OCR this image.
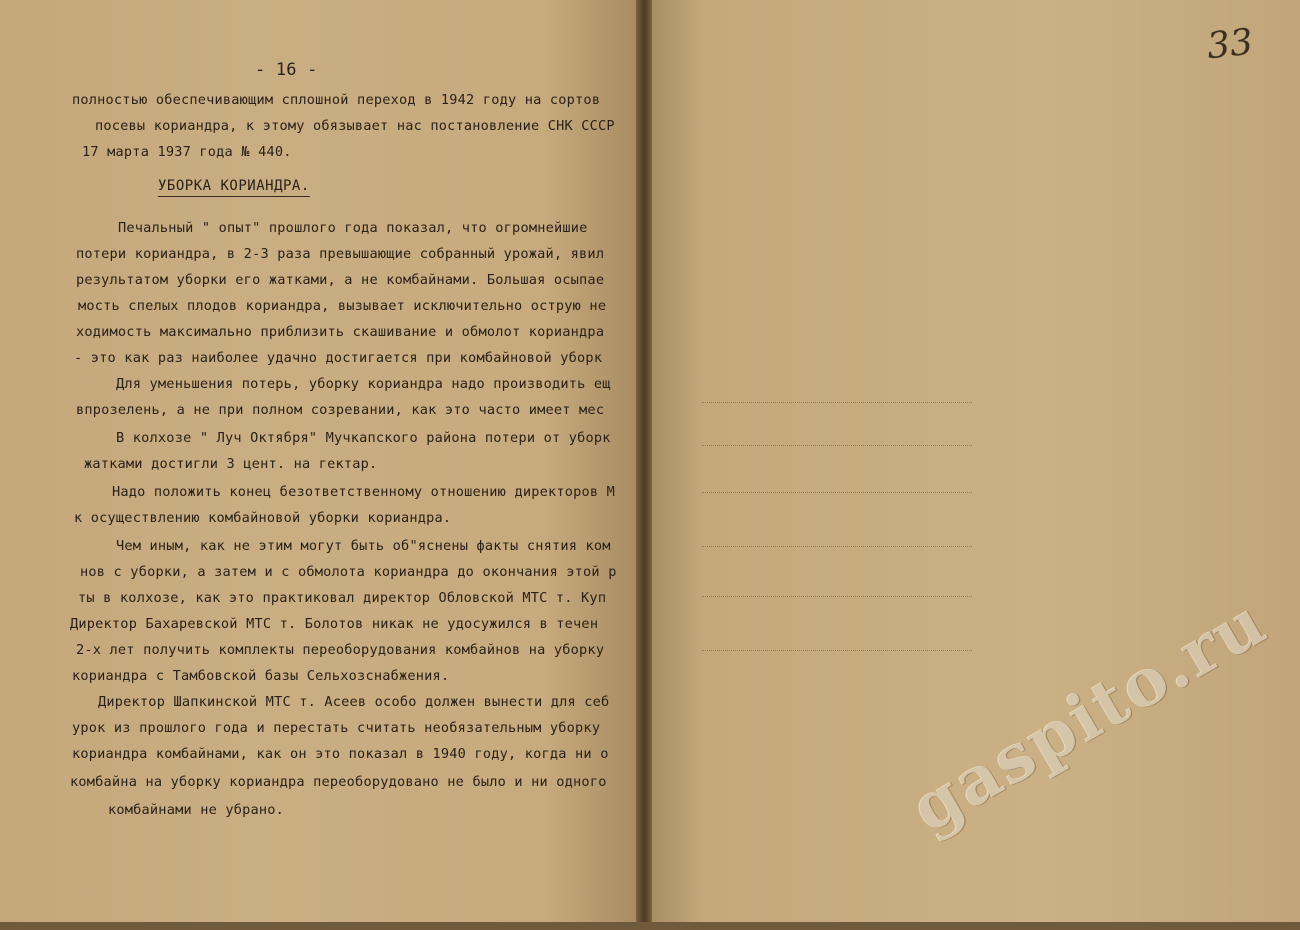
- 16 -
полностью обеспечивающим сплошной переход в 1942 году на сортов
посевы кориандра, к этому обязывает нас постановление СНК СССР
17 марта 1937 года № 440.
УБОРКА КОРИАНДРА.
Печальный " опыт" прошлого года показал, что огромнейшие
потери кориандра, в 2-3 раза превышающие собранный урожай, явил
результатом уборки его жатками, а не комбайнами. Большая осыпае
мость спелых плодов кориандра, вызывает исключительно острую не
ходимость максимально приблизить скашивание и обмолот кориандра
- это как раз наиболее удачно достигается при комбайновой уборк
Для уменьшения потерь, уборку кориандра надо производить ещ
впрозелень, а не при полном созревании, как это часто имеет мес
В колхозе " Луч Октября" Мучкапского района потери от уборк
жатками достигли 3 цент. на гектар.
Надо положить конец безответственному отношению директоров М
к осуществлению комбайновой уборки кориандра.
Чем иным, как не этим могут быть об"яснены факты снятия ком
нов с уборки, а затем и с обмолота кориандра до окончания этой р
ты в колхозе, как это практиковал директор Обловской МТС т. Куп
Директор Бахаревской МТС т. Болотов никак не удосужился в течен
2-х лет получить комплекты переоборудования комбайнов на уборку
кориандра с Тамбовской базы Сельхозснабжения.
Директор Шапкинской МТС т. Асеев особо должен вынести для себ
урок из прошлого года и перестать считать необязательным уборку
кориандра комбайнами, как он это показал в 1940 году, когда ни о
комбайна на уборку кориандра переоборудовано не было и ни одного
комбайнами не убрано.
33
gaspito.ru
